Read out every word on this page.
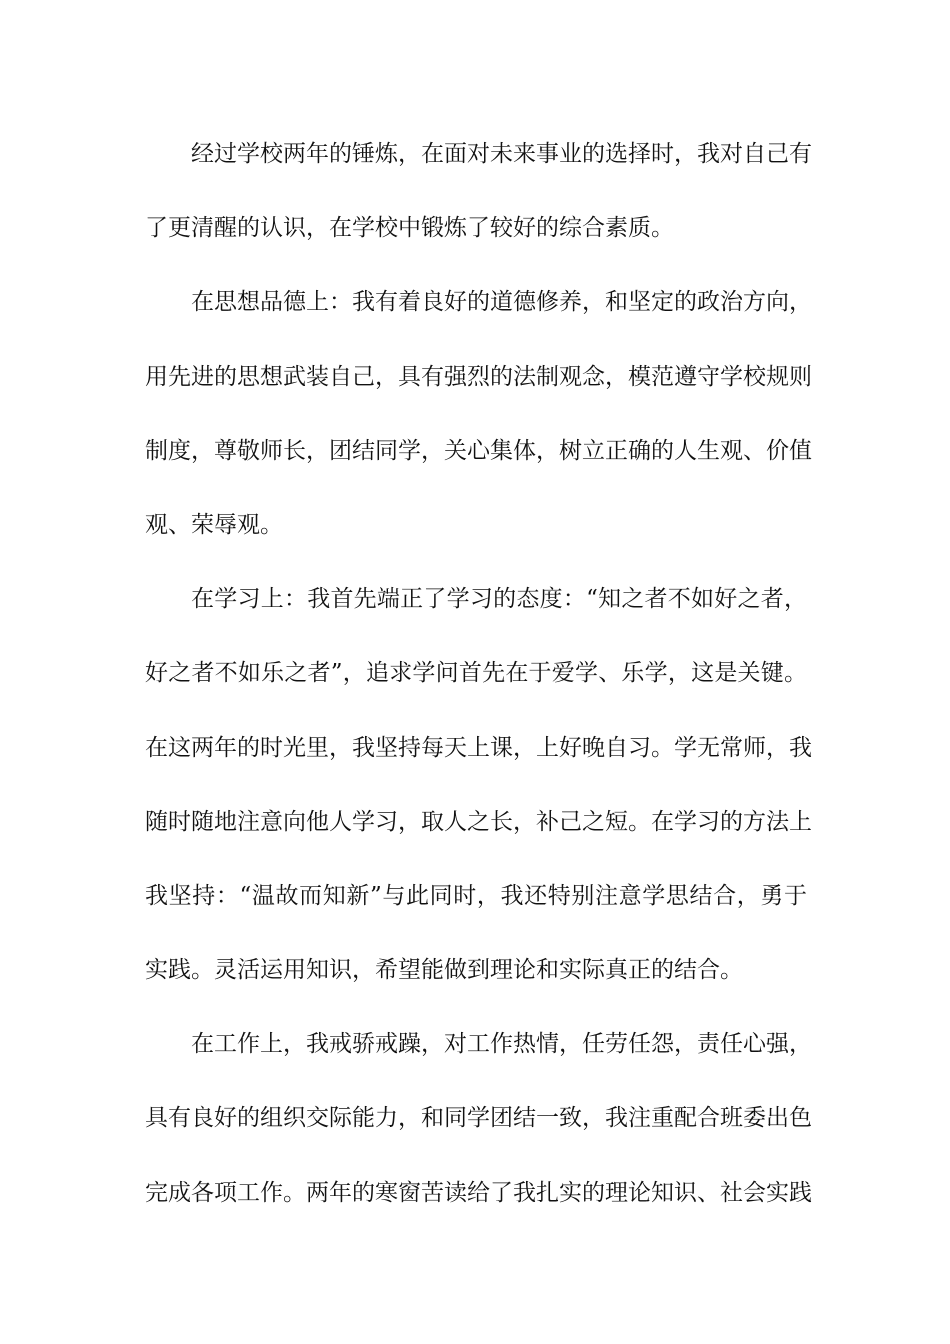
经过学校两年的锤炼，在面对未来事业的选择时，我对自己有
了更清醒的认识，在学校中锻炼了较好的综合素质。
在思想品德上：我有着良好的道德修养，和坚定的政治方向，
用先进的思想武装自己，具有强烈的法制观念，模范遵守学校规则
制度，尊敬师长，团结同学，关心集体，树立正确的人生观、价值
观、荣辱观。
在学习上：我首先端正了学习的态度：“知之者不如好之者，
好之者不如乐之者”，追求学问首先在于爱学、乐学，这是关键。
在这两年的时光里，我坚持每天上课，上好晚自习。学无常师，我
随时随地注意向他人学习，取人之长，补己之短。在学习的方法上
我坚持：“温故而知新”与此同时，我还特别注意学思结合，勇于
实践。灵活运用知识，希望能做到理论和实际真正的结合。
在工作上，我戒骄戒躁，对工作热情，任劳任怨，责任心强，
具有良好的组织交际能力，和同学团结一致，我注重配合班委出色
完成各项工作。两年的寒窗苦读给了我扎实的理论知识、社会实践
